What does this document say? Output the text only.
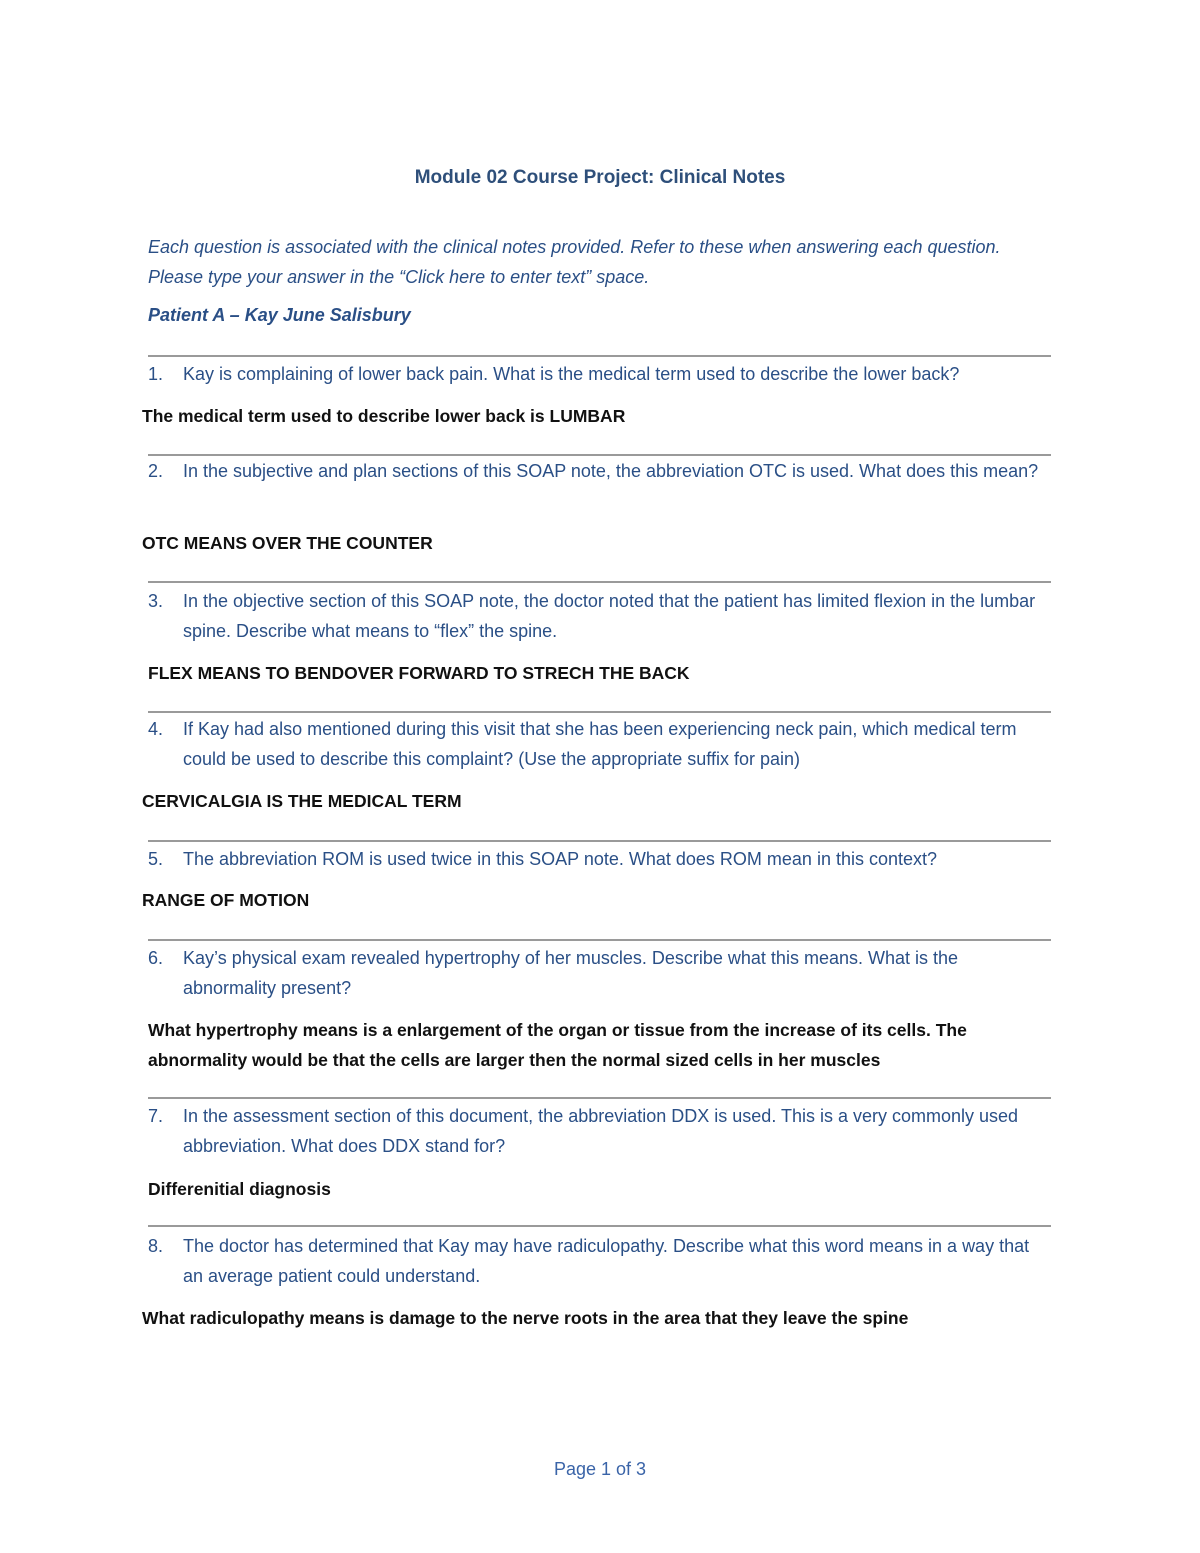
Module 02 Course Project: Clinical Notes
Each question is associated with the clinical notes provided. Refer to these when answering each question. Please type your answer in the “Click here to enter text” space.
Patient A – Kay June Salisbury
1. Kay is complaining of lower back pain. What is the medical term used to describe the lower back?
The medical term used to describe lower back is LUMBAR
2. In the subjective and plan sections of this SOAP note, the abbreviation OTC is used. What does this mean?
OTC MEANS OVER THE COUNTER
3. In the objective section of this SOAP note, the doctor noted that the patient has limited flexion in the lumbar spine. Describe what means to “flex” the spine.
FLEX MEANS TO BENDOVER FORWARD TO STRECH THE BACK
4. If Kay had also mentioned during this visit that she has been experiencing neck pain, which medical term could be used to describe this complaint? (Use the appropriate suffix for pain)
CERVICALGIA IS THE MEDICAL TERM
5. The abbreviation ROM is used twice in this SOAP note. What does ROM mean in this context?
RANGE OF MOTION
6. Kay’s physical exam revealed hypertrophy of her muscles. Describe what this means. What is the abnormality present?
What hypertrophy means is a enlargement of the organ or tissue from the increase of its cells. The abnormality would be that the cells are larger then the normal sized cells in her muscles
7. In the assessment section of this document, the abbreviation DDX is used. This is a very commonly used abbreviation. What does DDX stand for?
Differenitial diagnosis
8. The doctor has determined that Kay may have radiculopathy. Describe what this word means in a way that an average patient could understand.
What radiculopathy means is damage to the nerve roots in the area that they leave the spine
Page 1 of 3
